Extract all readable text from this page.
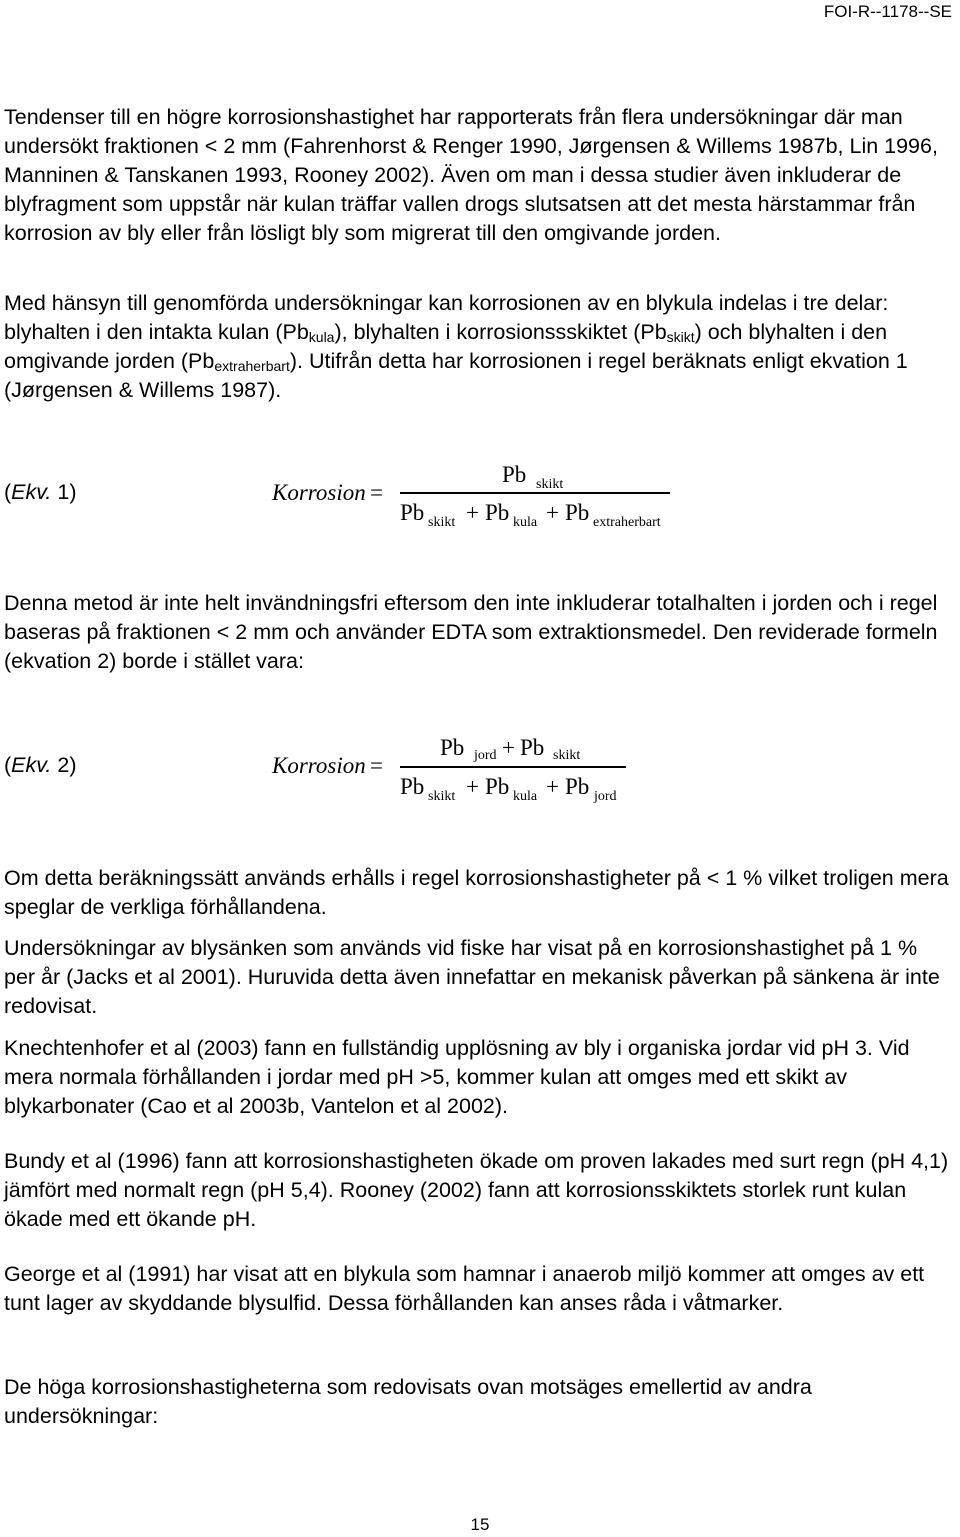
FOI-R--1178--SE

Tendenser till en högre korrosionshastighet har rapporterats från flera undersökningar där man undersökt fraktionen < 2 mm (Fahrenhorst & Renger 1990, Jørgensen & Willems 1987b, Lin 1996, Manninen & Tanskanen 1993, Rooney 2002). Även om man i dessa studier även inkluderar de blyfragment som uppstår när kulan träffar vallen drogs slutsatsen att det mesta härstammar från korrosion av bly eller från lösligt bly som migrerat till den omgivande jorden.

Med hänsyn till genomförda undersökningar kan korrosionen av en blykula indelas i tre delar: blyhalten i den intakta kulan $(Pb_{kula})$, blyhalten i korrosionssskiktet $(Pb_{skikt})$ och blyhalten i den omgivande jorden $(Pb_{extraherbart})$. Utifrån detta har korrosionen i regel beräknats enligt ekvation 1 (Jørgensen & Willems 1987).

(Ekv. 1)	Korrosion =
Pb skikt
Pb skikt + Pb kula + Pb extraherbart

Denna metod är inte helt invändningsfri eftersom den inte inkluderar totalhalten i jorden och i regel baseras på fraktionen < 2 mm och använder EDTA som extraktionsmedel. Den reviderade formeln (ekvation 2) borde i stället vara:

(Ekv. 2)	Korrosion =
Pb jord + Pb skikt
Pb skikt + Pb kula + Pb jord

Om detta beräkningssätt används erhålls i regel korrosionshastigheter på < 1 % vilket troligen mera speglar de verkliga förhållandena.

Undersökningar av blysänken som används vid fiske har visat på en korrosionshastighet på 1 % per år (Jacks et al 2001). Huruvida detta även innefattar en mekanisk påverkan på sänkena är inte redovisat.

Knechtenhofer et al (2003) fann en fullständig upplösning av bly i organiska jordar vid pH 3. Vid mera normala förhållanden i jordar med pH >5, kommer kulan att omges med ett skikt av blykarbonater (Cao et al 2003b, Vantelon et al 2002).

Bundy et al (1996) fann att korrosionshastigheten ökade om proven lakades med surt regn (pH 4,1) jämfört med normalt regn (pH 5,4). Rooney (2002) fann att korrosionsskiktets storlek runt kulan ökade med ett ökande pH.

George et al (1991) har visat att en blykula som hamnar i anaerob miljö kommer att omges av ett tunt lager av skyddande blysulfid. Dessa förhållanden kan anses råda i våtmarker.

De höga korrosionshastigheterna som redovisats ovan motsäges emellertid av andra undersökningar:

15
